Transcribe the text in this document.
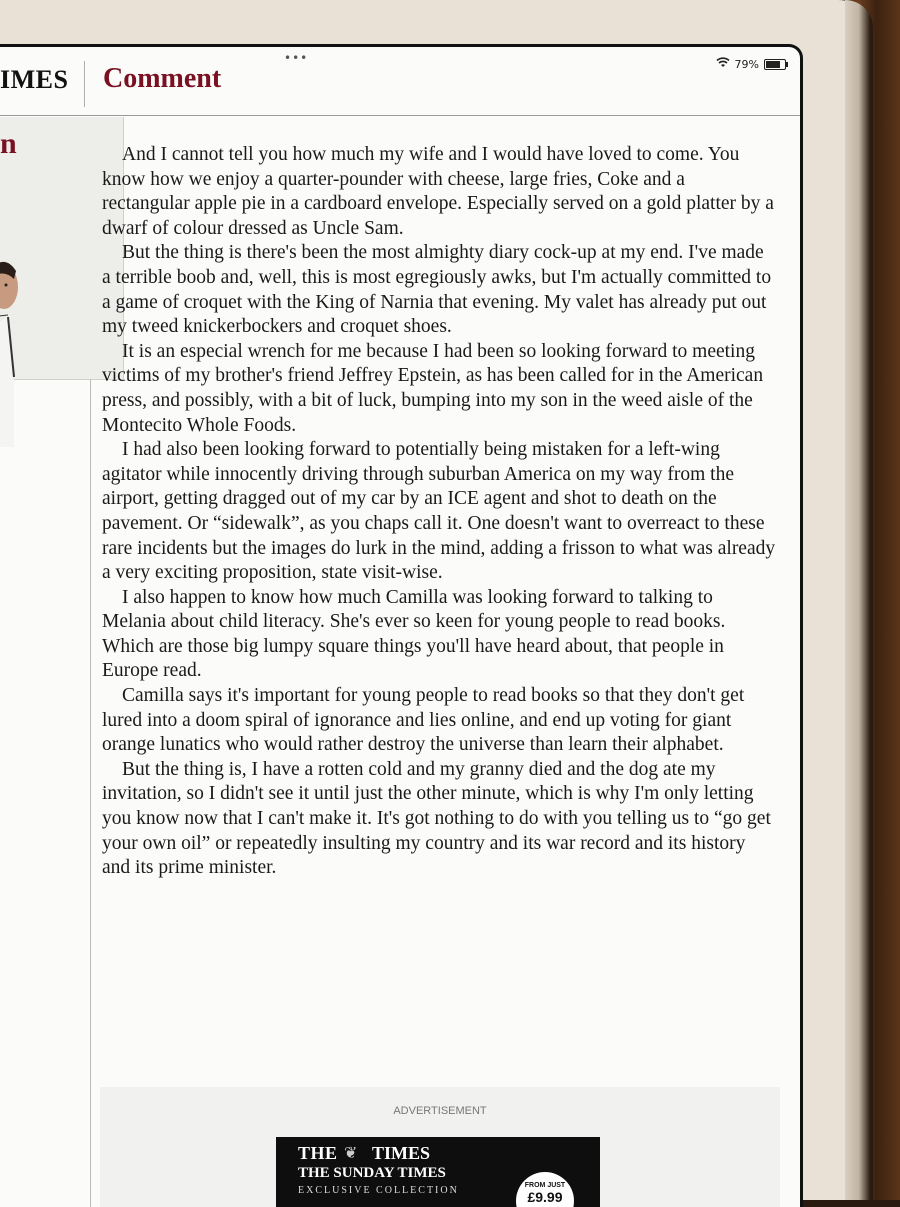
•••	79%
IMES Comment
n	And I cannot tell you how much my wife and I would have loved to come. You know how we enjoy a quarter-pounder with cheese, large fries, Coke and a rectangular apple pie in a cardboard envelope. Especially served on a gold platter by a dwarf of colour dressed as Uncle Sam.

But the thing is there's been the most almighty diary cock-up at my end. I've made a terrible boob and, well, this is most egregiously awks, but I'm actually committed to a game of croquet with the King of Narnia that evening. My valet has already put out my tweed knickerbockers and croquet shoes.

It is an especial wrench for me because I had been so looking forward to meeting victims of my brother's friend Jeffrey Epstein, as has been called for in the American press, and possibly, with a bit of luck, bumping into my son in the weed aisle of the Montecito Whole Foods.

I had also been looking forward to potentially being mistaken for a left-wing agitator while innocently driving through suburban America on my way from the airport, getting dragged out of my car by an ICE agent and shot to death on the pavement. Or “sidewalk”, as you chaps call it. One doesn't want to overreact to these rare incidents but the images do lurk in the mind, adding a frisson to what was already a very exciting proposition, state visit-wise.

I also happen to know how much Camilla was looking forward to talking to Melania about child literacy. She's ever so keen for young people to read books. Which are those big lumpy square things you'll have heard about, that people in Europe read.

Camilla says it's important for young people to read books so that they don't get lured into a doom spiral of ignorance and lies online, and end up voting for giant orange lunatics who would rather destroy the universe than learn their alphabet.

But the thing is, I have a rotten cold and my granny died and the dog ate my invitation, so I didn't see it until just the other minute, which is why I'm only letting you know now that I can't make it. It's got nothing to do with you telling us to “go get your own oil” or repeatedly insulting my country and its war record and its history and its prime minister.

ADVERTISEMENT
THE ❦ TIMES
THE SUNDAY TIMES
EXCLUSIVE COLLECTION	FROM JUST
£9.99
